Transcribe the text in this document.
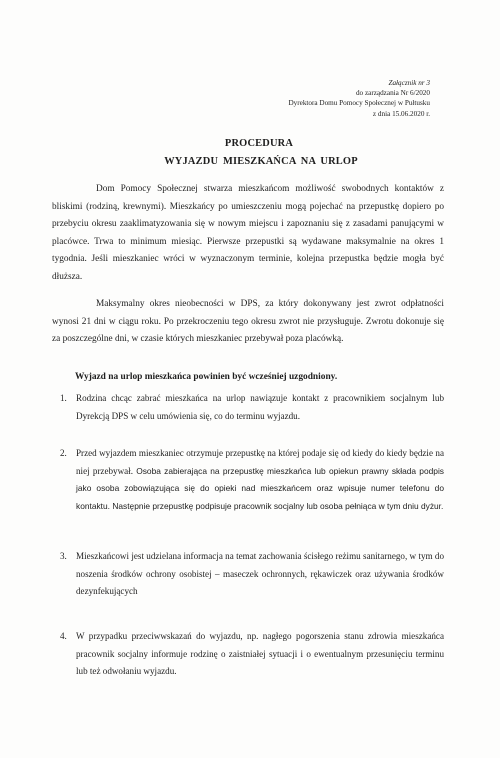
Załącznik nr 3
do zarządzania Nr 6/2020
Dyrektora Domu Pomocy Społecznej w Pułtusku
z dnia 15.06.2020 r.
PROCEDURA
WYJAZDU MIESZKAŃCA NA URLOP
Dom Pomocy Społecznej stwarza mieszkańcom możliwość swobodnych kontaktów z bliskimi (rodziną, krewnymi). Mieszkańcy po umieszczeniu mogą pojechać na przepustkę dopiero po przebyciu okresu zaaklimatyzowania się w nowym miejscu i zapoznaniu się z zasadami panującymi w placówce. Trwa to minimum miesiąc. Pierwsze przepustki są wydawane maksymalnie na okres 1 tygodnia. Jeśli mieszkaniec wróci w wyznaczonym terminie, kolejna przepustka będzie mogła być dłuższa.
Maksymalny okres nieobecności w DPS, za który dokonywany jest zwrot odpłatności wynosi 21 dni w ciągu roku. Po przekroczeniu tego okresu zwrot nie przysługuje. Zwrotu dokonuje się za poszczególne dni, w czasie których mieszkaniec przebywał poza placówką.
Wyjazd na urlop mieszkańca powinien być wcześniej uzgodniony.
1.	Rodzina chcąc zabrać mieszkańca na urlop nawiązuje kontakt z pracownikiem socjalnym lub Dyrekcją DPS w celu umówienia się, co do terminu wyjazdu.
2.	Przed wyjazdem mieszkaniec otrzymuje przepustkę na której podaje się od kiedy do kiedy będzie na niej przebywał. Osoba zabierająca na przepustkę mieszkańca lub opiekun prawny składa podpis jako osoba zobowiązująca się do opieki nad mieszkańcem oraz wpisuje numer telefonu do kontaktu. Następnie przepustkę podpisuje pracownik socjalny lub osoba pełniąca w tym dniu dyżur.
3.	Mieszkańcowi jest udzielana informacja na temat zachowania ścisłego reżimu sanitarnego, w tym do noszenia środków ochrony osobistej – maseczek ochronnych, rękawiczek oraz używania środków dezynfekujących
4.	W przypadku przeciwwskazań do wyjazdu, np. nagłego pogorszenia stanu zdrowia mieszkańca pracownik socjalny informuje rodzinę o zaistniałej sytuacji i o ewentualnym przesunięciu terminu lub też odwołaniu wyjazdu.
